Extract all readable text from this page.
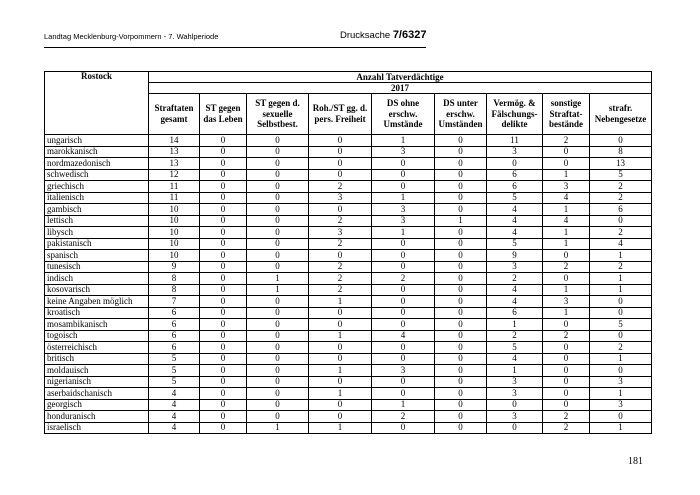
Landtag Mecklenburg-Vorpommern - 7. Wahlperiode	Drucksache 7/6327
Rostock	Anzahl Tatverdächtige								
	2017								
	Straftaten gesamt	ST gegen das Leben	ST gegen d. sexuelle Selbstbest.	Roh./ST gg. d. pers. Freiheit	DS ohne erschw. Umstände	DS unter erschw. Umständen	Vermög. & Fälschungs-delikte	sonstige Straftat-bestände	strafr. Nebengesetze
ungarisch	14	0	0	0	1	0	11	2	0
marokkanisch	13	0	0	0	3	0	3	0	8
nordmazedonisch	13	0	0	0	0	0	0	0	13
schwedisch	12	0	0	0	0	0	6	1	5
griechisch	11	0	0	2	0	0	6	3	2
italienisch	11	0	0	3	1	0	5	4	2
gambisch	10	0	0	0	3	0	4	1	6
lettisch	10	0	0	2	3	1	4	4	0
libysch	10	0	0	3	1	0	4	1	2
pakistanisch	10	0	0	2	0	0	5	1	4
spanisch	10	0	0	0	0	0	9	0	1
tunesisch	9	0	0	2	0	0	3	2	2
indisch	8	0	1	2	2	0	2	0	1
kosovarisch	8	0	1	2	0	0	4	1	1
keine Angaben möglich	7	0	0	1	0	0	4	3	0
kroatisch	6	0	0	0	0	0	6	1	0
mosambikanisch	6	0	0	0	0	0	1	0	5
togoisch	6	0	0	1	4	0	2	2	0
österreichisch	6	0	0	0	0	0	5	0	2
britisch	5	0	0	0	0	0	4	0	1
moldauisch	5	0	0	1	3	0	1	0	0
nigerianisch	5	0	0	0	0	0	3	0	3
aserbaidschanisch	4	0	0	1	0	0	3	0	1
georgisch	4	0	0	0	1	0	0	0	3
honduranisch	4	0	0	0	2	0	3	2	0
israelisch	4	0	1	1	0	0	0	2	1
181
